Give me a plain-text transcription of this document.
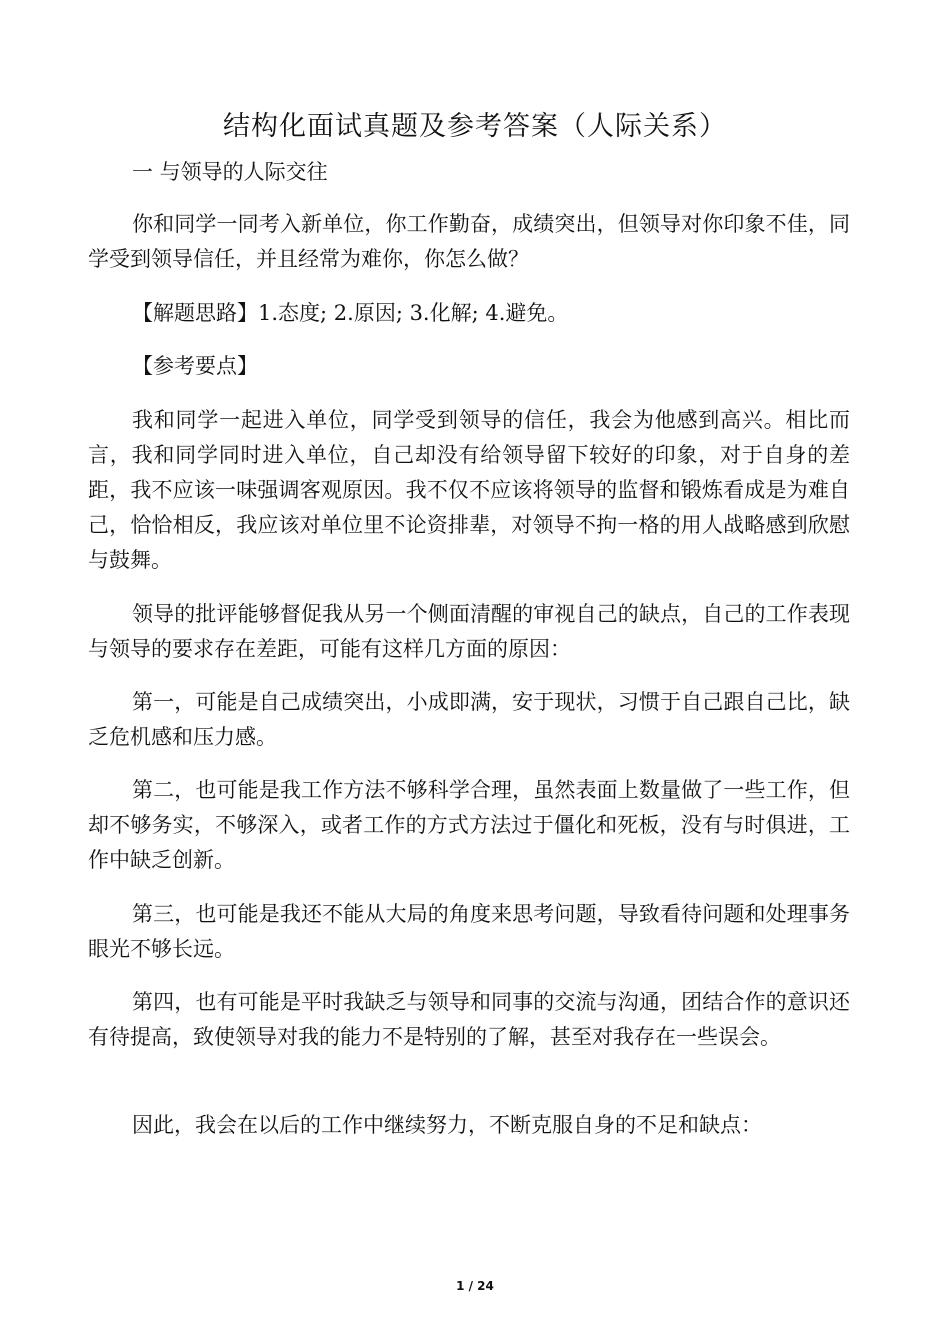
结构化面试真题及参考答案（人际关系）

一 与领导的人际交往

你和同学一同考入新单位，你工作勤奋，成绩突出，但领导对你印象不佳，同学受到领导信任，并且经常为难你，你怎么做？

【解题思路】1.态度; 2.原因; 3.化解; 4.避免。

【参考要点】

我和同学一起进入单位，同学受到领导的信任，我会为他感到高兴。相比而言，我和同学同时进入单位，自己却没有给领导留下较好的印象，对于自身的差距，我不应该一味强调客观原因。我不仅不应该将领导的监督和锻炼看成是为难自己，恰恰相反，我应该对单位里不论资排辈，对领导不拘一格的用人战略感到欣慰与鼓舞。

领导的批评能够督促我从另一个侧面清醒的审视自己的缺点，自己的工作表现与领导的要求存在差距，可能有这样几方面的原因：

第一，可能是自己成绩突出，小成即满，安于现状，习惯于自己跟自己比，缺乏危机感和压力感。

第二，也可能是我工作方法不够科学合理，虽然表面上数量做了一些工作，但却不够务实，不够深入，或者工作的方式方法过于僵化和死板，没有与时俱进，工作中缺乏创新。

第三，也可能是我还不能从大局的角度来思考问题，导致看待问题和处理事务眼光不够长远。

第四，也有可能是平时我缺乏与领导和同事的交流与沟通，团结合作的意识还有待提高，致使领导对我的能力不是特别的了解，甚至对我存在一些误会。

因此，我会在以后的工作中继续努力，不断克服自身的不足和缺点：

1 / 24
